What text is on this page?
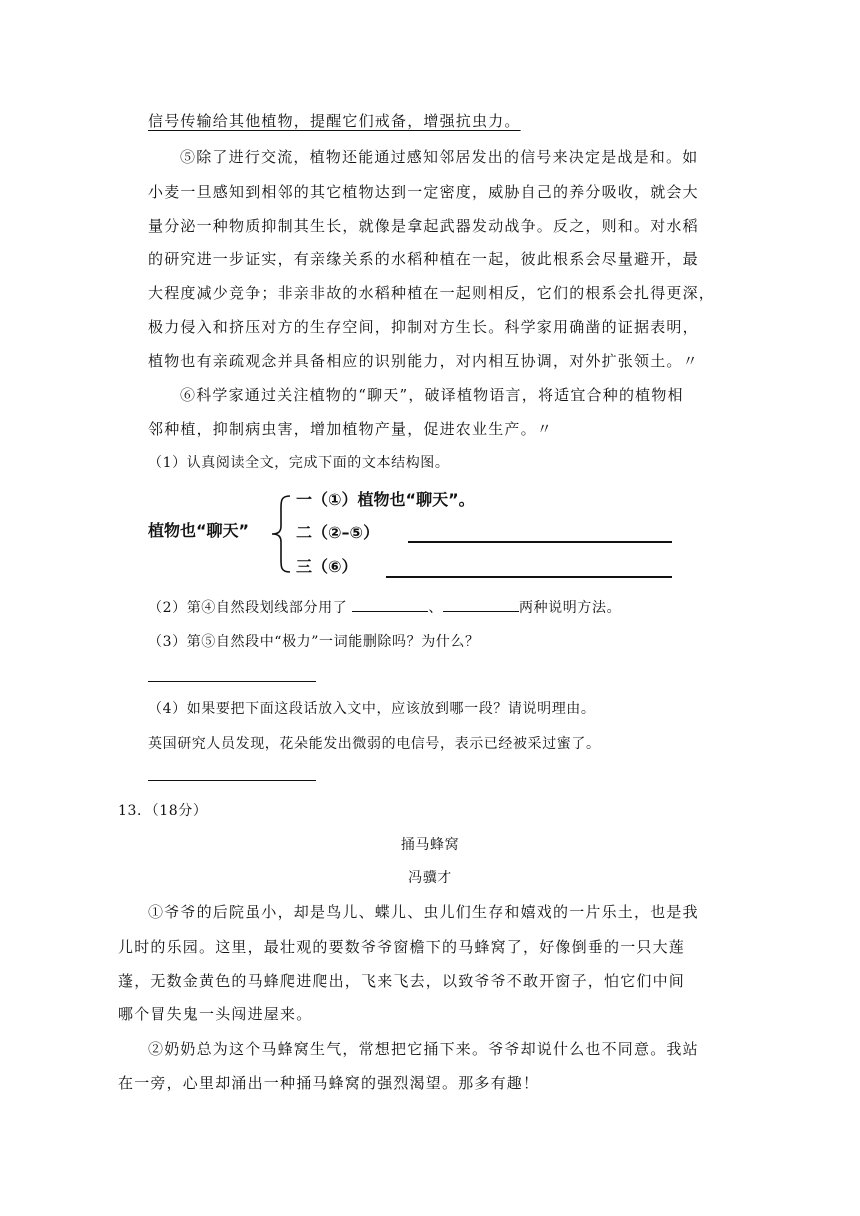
信号传输给其他植物，提醒它们戒备，增强抗虫力。
⑤除了进行交流，植物还能通过感知邻居发出的信号来决定是战是和。如
小麦一旦感知到相邻的其它植物达到一定密度，威胁自己的养分吸收，就会大
量分泌一种物质抑制其生长，就像是拿起武器发动战争。反之，则和。对水稻
的研究进一步证实，有亲缘关系的水稻种植在一起，彼此根系会尽量避开，最
大程度减少竞争；非亲非故的水稻种植在一起则相反，它们的根系会扎得更深，
极力侵入和挤压对方的生存空间，抑制对方生长。科学家用确凿的证据表明，
植物也有亲疏观念并具备相应的识别能力，对内相互协调，对外扩张领土。〃
⑥科学家通过关注植物的“聊天”，破译植物语言，将适宜合种的植物相
邻种植，抑制病虫害，增加植物产量，促进农业生产。〃
（1）认真阅读全文，完成下面的文本结构图。
植物也“聊天”
一（①）植物也“聊天”。
二（②–⑤）
三（⑥）
（2）第④自然段划线部分用了	、	两种说明方法。
（3）第⑤自然段中“极力”一词能删除吗？为什么？
（4）如果要把下面这段话放入文中，应该放到哪一段？请说明理由。
英国研究人员发现，花朵能发出微弱的电信号，表示已经被采过蜜了。
13．（18分）
捅马蜂窝
冯骥才
①爷爷的后院虽小，却是鸟儿、蝶儿、虫儿们生存和嬉戏的一片乐土，也是我
儿时的乐园。这里，最壮观的要数爷爷窗檐下的马蜂窝了，好像倒垂的一只大莲
蓬，无数金黄色的马蜂爬进爬出，飞来飞去，以致爷爷不敢开窗子，怕它们中间
哪个冒失鬼一头闯进屋来。
②奶奶总为这个马蜂窝生气，常想把它捅下来。爷爷却说什么也不同意。我站
在一旁，心里却涌出一种捅马蜂窝的强烈渴望。那多有趣！
